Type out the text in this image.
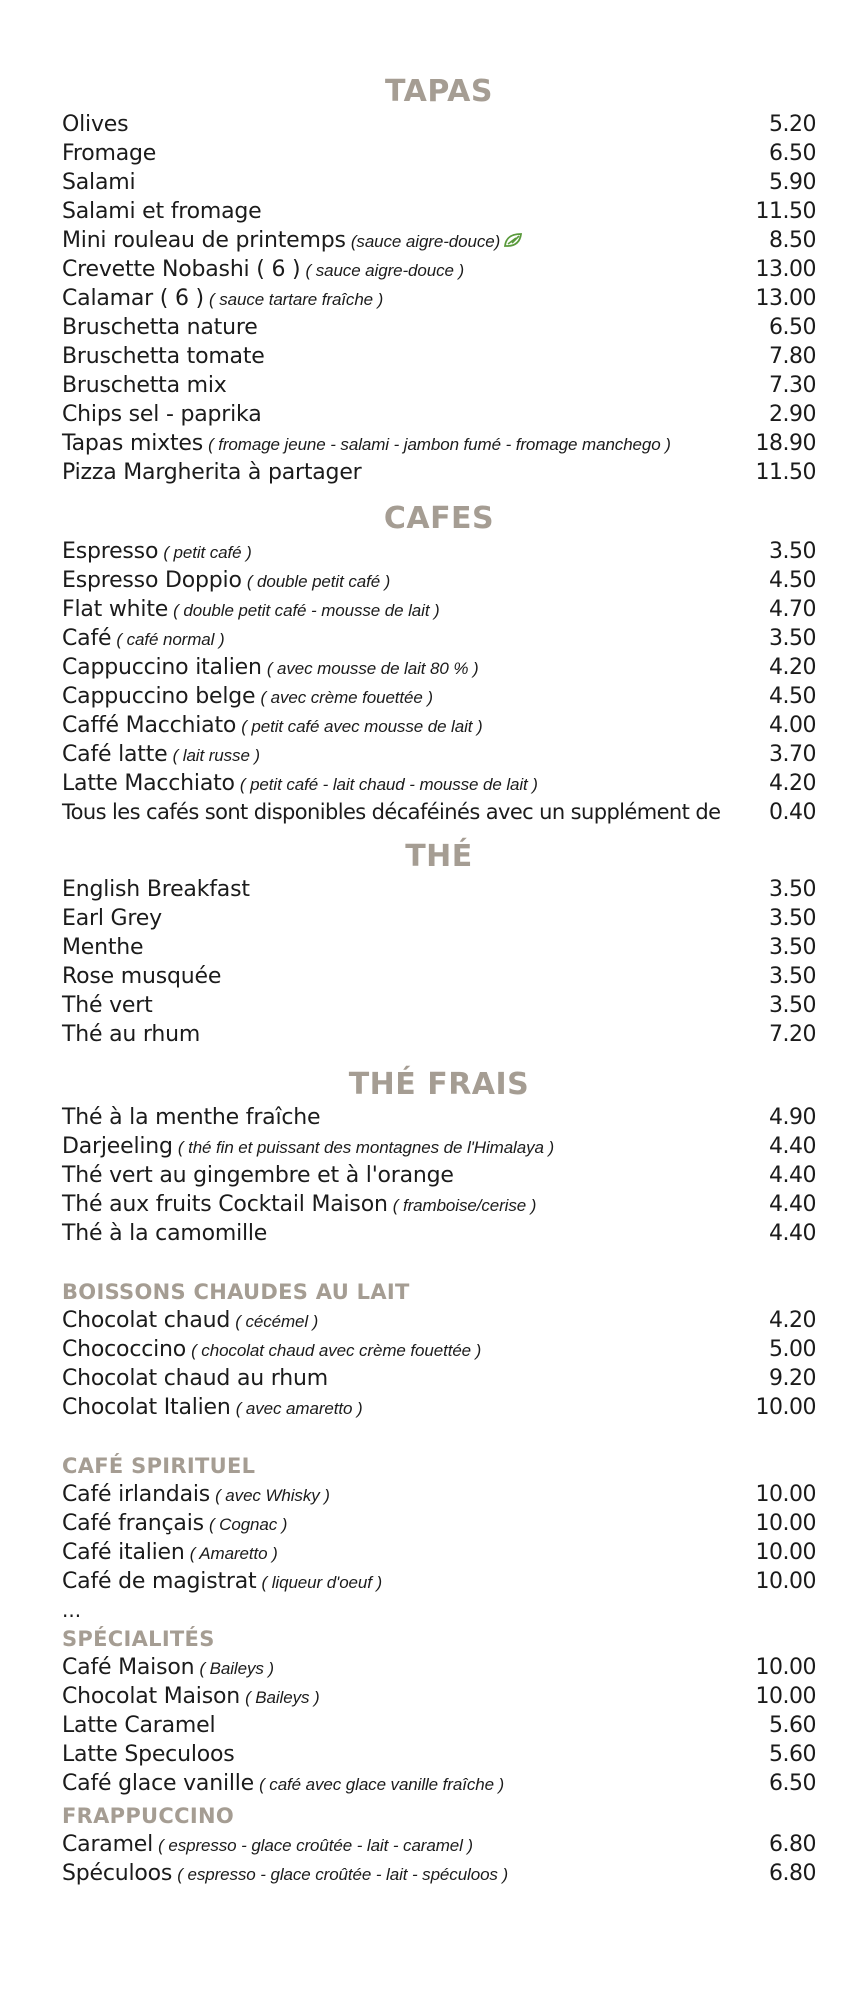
TAPAS
Olives	5.20
Fromage	6.50
Salami	5.90
Salami et fromage	11.50
Mini rouleau de printemps (sauce aigre-douce)	8.50
Crevette Nobashi ( 6 ) ( sauce aigre-douce )	13.00
Calamar ( 6 ) ( sauce tartare fraîche )	13.00
Bruschetta nature	6.50
Bruschetta tomate	7.80
Bruschetta mix	7.30
Chips sel - paprika	2.90
Tapas mixtes ( fromage jeune - salami - jambon fumé - fromage manchego )	18.90
Pizza Margherita à partager	11.50
CAFES
Espresso ( petit café )	3.50
Espresso Doppio ( double petit café )	4.50
Flat white ( double petit café - mousse de lait )	4.70
Café ( café normal )	3.50
Cappuccino italien ( avec mousse de lait 80 % )	4.20
Cappuccino belge ( avec crème fouettée )	4.50
Caffé Macchiato ( petit café avec mousse de lait )	4.00
Café latte ( lait russe )	3.70
Latte Macchiato ( petit café - lait chaud - mousse de lait )	4.20
Tous les cafés sont disponibles décaféinés avec un supplément de 0.40
THÉ
English Breakfast	3.50
Earl Grey	3.50
Menthe	3.50
Rose musquée	3.50
Thé vert	3.50
Thé au rhum	7.20
THÉ FRAIS
Thé à la menthe fraîche	4.90
Darjeeling ( thé fin et puissant des montagnes de l'Himalaya )	4.40
Thé vert au gingembre et à l'orange	4.40
Thé aux fruits Cocktail Maison ( framboise/cerise )	4.40
Thé à la camomille	4.40
BOISSONS CHAUDES AU LAIT
Chocolat chaud ( cécémel )	4.20
Chococcino ( chocolat chaud avec crème fouettée )	5.00
Chocolat chaud au rhum	9.20
Chocolat Italien ( avec amaretto )	10.00
CAFÉ SPIRITUEL
Café irlandais ( avec Whisky )	10.00
Café français ( Cognac )	10.00
Café italien ( Amaretto )	10.00
Café de magistrat ( liqueur d'oeuf )	10.00
...
SPÉCIALITÉS
Café Maison ( Baileys )	10.00
Chocolat Maison ( Baileys )	10.00
Latte Caramel	5.60
Latte Speculoos	5.60
Café glace vanille ( café avec glace vanille fraîche )	6.50
FRAPPUCCINO
Caramel ( espresso - glace croûtée - lait - caramel )	6.80
Spéculoos ( espresso - glace croûtée - lait - spéculoos )	6.80
